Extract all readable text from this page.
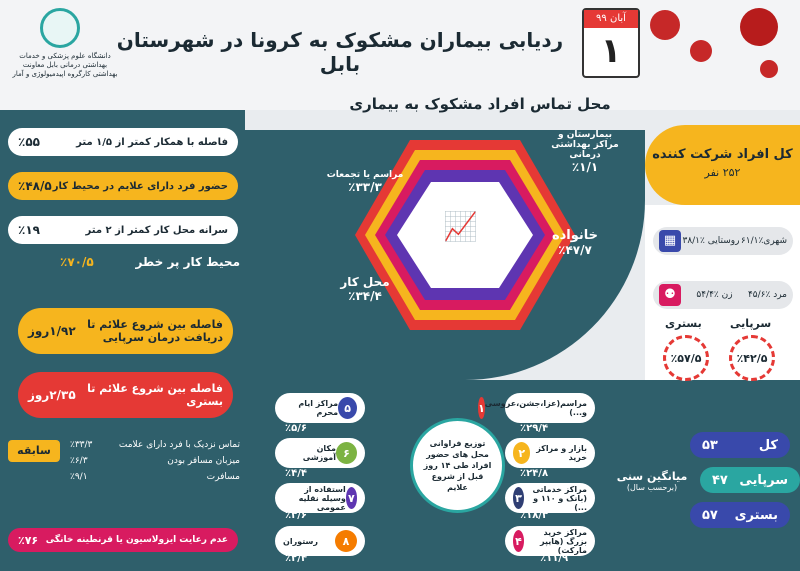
دانشگاه علوم پزشکی و خدمات بهداشتی درمانی بابل معاونت بهداشتی کارگروه اپیدمیولوژی و آمار
ردیابی بیماران مشکوک به کرونا در شهرستان بابل
آبان ۹۹
۱
محل تماس افراد مشکوک به بیماری
📈
بیمارستان و مراکز بهداشتی درمانی
٪۱/۱
مراسم یا تجمعات
٪۳۳/۳
خانواده
٪۴۷/۷
محل کار
٪۳۴/۴
فاصله با همکار کمتر از ۱/۵ متر
٪۵۵
حضور فرد دارای علایم در محیط کار
٪۴۸/۵
سرانه محل کار کمتر از ۲ متر
٪۱۹
محیط کار پر خطر
٪۷۰/۵
فاصله بین شروع علائم تا دریافت درمان سرپایی
۱/۹۲روز
فاصله بین شروع علائم تا بستری
۲/۳۵روز
سابقه	تماس نزدیک با فرد دارای علامت
٪۳۳/۳
میزبان مسافر بودن
٪۶/۳
مسافرت
٪۹/۱
عدم رعایت ایزولاسیون یا قرنطینه خانگی
٪۷۶
توزیع فراوانی محل های حضور افراد طی ۱۴ روز قبل از شروع علایم
مراسم(عزا،جشن،عروسی و...)
۱
٪۲۹/۴
بازار و مراکز خرید
۲
٪۲۴/۸
مراکز خدماتی (بانک و ۱۱۰ و ...)
۳
٪۱۸/۳
مراکز خرید بزرگ (هایپر مارکت)
۴
٪۱۱/۹
۵
مراکز ایام محرم
٪۵/۶
۶
مکان آموزشی
٪۴/۴
۷
استفاده از وسیله نقلیه عمومی
٪۳/۶
۸
رستوران
٪۲/۴
کل افراد شرکت کننده
۲۵۲ نفر
شهری٪۶۱/۱
روستایی ٪۳۸/۱
▦
مرد ٪۴۵/۶
زن ٪۵۴/۴
⚉
بستری	سرپایی
٪۵۷/۵	٪۴۲/۵
میانگین سنی
(برحسب سال)
کل
۵۳
سرپایی
۴۷
بستری
۵۷
